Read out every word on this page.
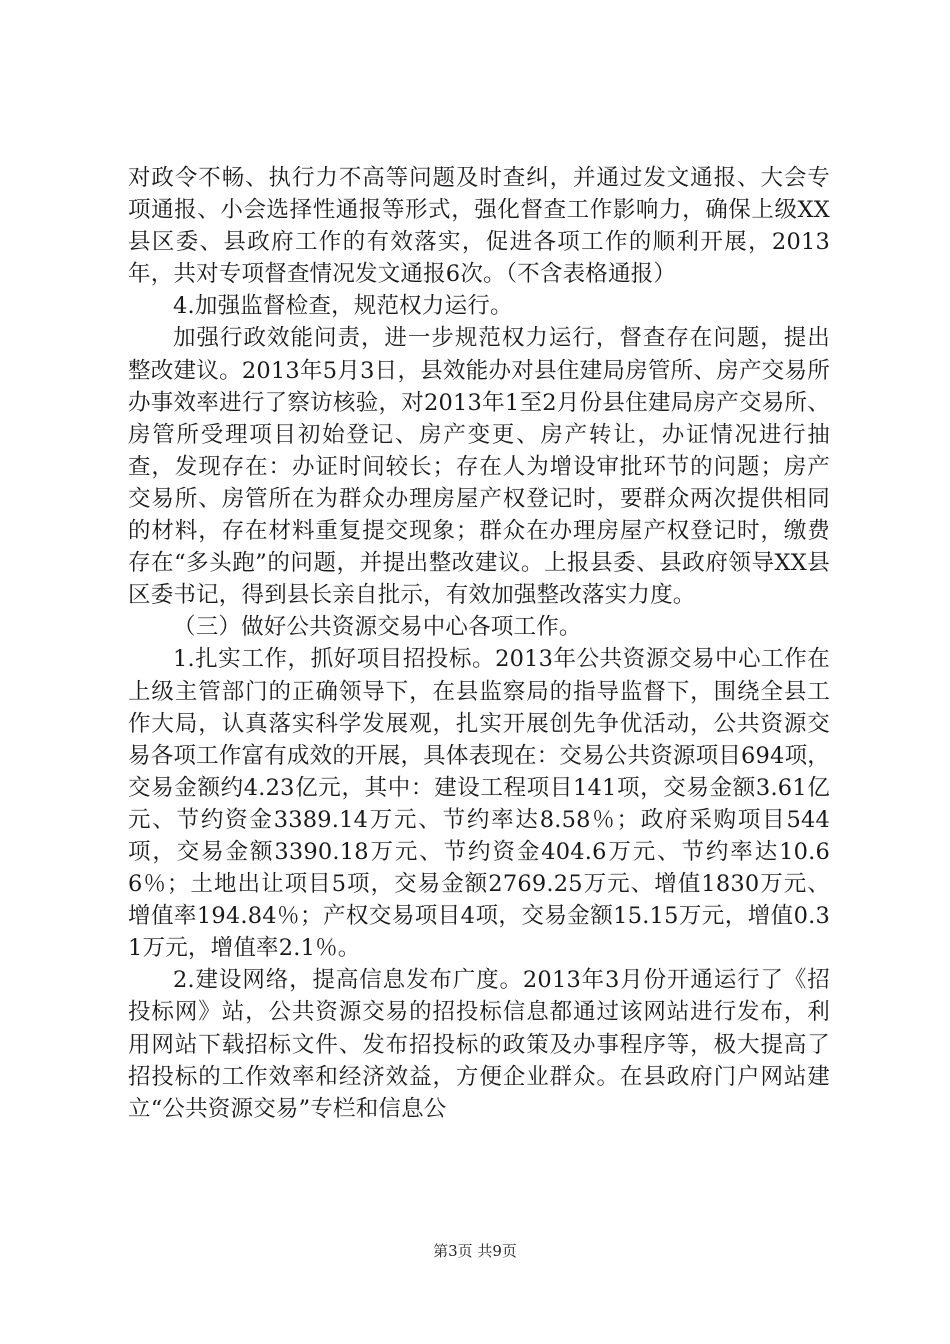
对政令不畅、执行力不高等问题及时查纠，并通过发文通报、大会专项通报、小会选择性通报等形式，强化督查工作影响力，确保上级XX县区委、县政府工作的有效落实，促进各项工作的顺利开展，2013年，共对专项督查情况发文通报6次。（不含表格通报）

4.加强监督检查，规范权力运行。

加强行政效能问责，进一步规范权力运行，督查存在问题，提出整改建议。2013年5月3日，县效能办对县住建局房管所、房产交易所办事效率进行了察访核验，对2013年1至2月份县住建局房产交易所、房管所受理项目初始登记、房产变更、房产转让，办证情况进行抽查，发现存在：办证时间较长；存在人为增设审批环节的问题；房产交易所、房管所在为群众办理房屋产权登记时，要群众两次提供相同的材料，存在材料重复提交现象；群众在办理房屋产权登记时，缴费存在“多头跑”的问题，并提出整改建议。上报县委、县政府领导XX县区委书记，得到县长亲自批示，有效加强整改落实力度。

（三）做好公共资源交易中心各项工作。

1.扎实工作，抓好项目招投标。2013年公共资源交易中心工作在上级主管部门的正确领导下，在县监察局的指导监督下，围绕全县工作大局，认真落实科学发展观，扎实开展创先争优活动，公共资源交易各项工作富有成效的开展，具体表现在：交易公共资源项目694项，交易金额约4.23亿元，其中：建设工程项目141项，交易金额3.61亿元、节约资金3389.14万元、节约率达8.58％；政府采购项目544项，交易金额3390.18万元、节约资金404.6万元、节约率达10.66％；土地出让项目5项，交易金额2769.25万元、增值1830万元、增值率194.84％；产权交易项目4项，交易金额15.15万元，增值0.31万元，增值率2.1％。

2.建设网络，提高信息发布广度。2013年3月份开通运行了《招投标网》站，公共资源交易的招投标信息都通过该网站进行发布，利用网站下载招标文件、发布招投标的政策及办事程序等，极大提高了招投标的工作效率和经济效益，方便企业群众。在县政府门户网站建立“公共资源交易”专栏和信息公

第3页 共9页
